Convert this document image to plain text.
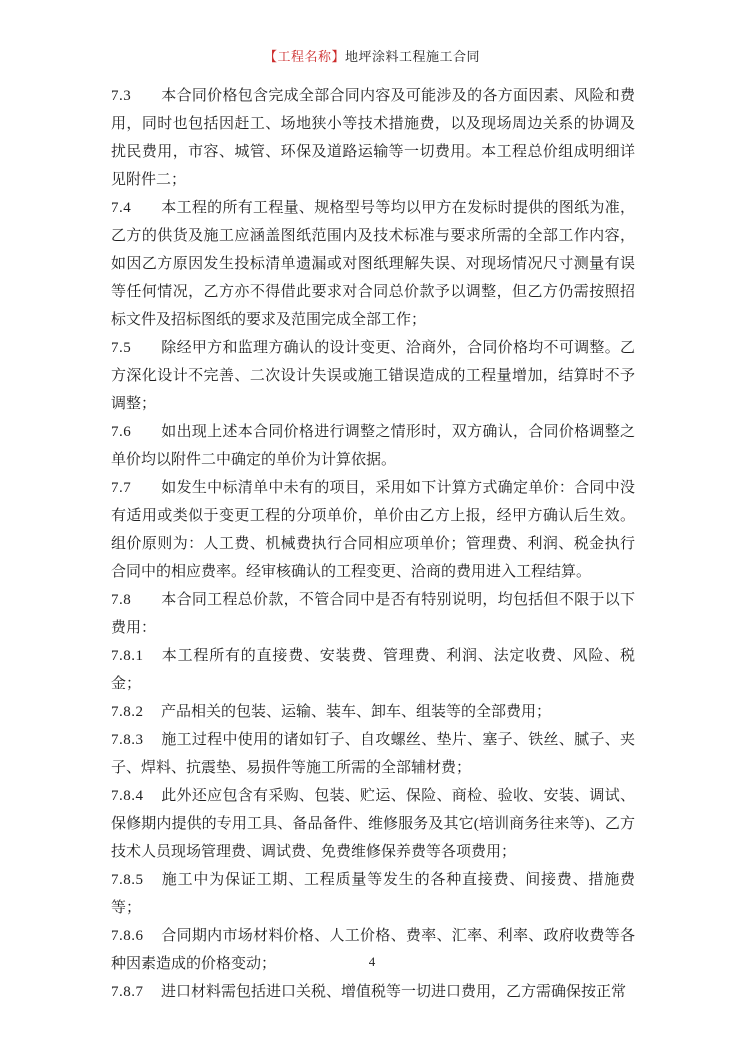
【工程名称】地坪涂料工程施工合同

7.3 本合同价格包含完成全部合同内容及可能涉及的各方面因素、风险和费用，同时也包括因赶工、场地狭小等技术措施费，以及现场周边关系的协调及扰民费用，市容、城管、环保及道路运输等一切费用。本工程总价组成明细详见附件二；

7.4 本工程的所有工程量、规格型号等均以甲方在发标时提供的图纸为准，乙方的供货及施工应涵盖图纸范围内及技术标准与要求所需的全部工作内容，如因乙方原因发生投标清单遗漏或对图纸理解失误、对现场情况尺寸测量有误等任何情况，乙方亦不得借此要求对合同总价款予以调整，但乙方仍需按照招标文件及招标图纸的要求及范围完成全部工作；

7.5 除经甲方和监理方确认的设计变更、洽商外，合同价格均不可调整。乙方深化设计不完善、二次设计失误或施工错误造成的工程量增加，结算时不予调整；

7.6 如出现上述本合同价格进行调整之情形时，双方确认，合同价格调整之单价均以附件二中确定的单价为计算依据。

7.7 如发生中标清单中未有的项目，采用如下计算方式确定单价：合同中没有适用或类似于变更工程的分项单价，单价由乙方上报，经甲方确认后生效。组价原则为：人工费、机械费执行合同相应项单价；管理费、利润、税金执行合同中的相应费率。经审核确认的工程变更、洽商的费用进入工程结算。

7.8 本合同工程总价款，不管合同中是否有特别说明，均包括但不限于以下费用：

7.8.1 本工程所有的直接费、安装费、管理费、利润、法定收费、风险、税金；

7.8.2 产品相关的包装、运输、装车、卸车、组装等的全部费用；

7.8.3 施工过程中使用的诸如钉子、自攻螺丝、垫片、塞子、铁丝、腻子、夹子、焊料、抗震垫、易损件等施工所需的全部辅材费；

7.8.4 此外还应包含有采购、包装、贮运、保险、商检、验收、安装、调试、保修期内提供的专用工具、备品备件、维修服务及其它(培训商务往来等)、乙方技术人员现场管理费、调试费、免费维修保养费等各项费用；

7.8.5 施工中为保证工期、工程质量等发生的各种直接费、间接费、措施费等；

7.8.6 合同期内市场材料价格、人工价格、费率、汇率、利率、政府收费等各种因素造成的价格变动；

7.8.7 进口材料需包括进口关税、增值税等一切进口费用，乙方需确保按正常

4
